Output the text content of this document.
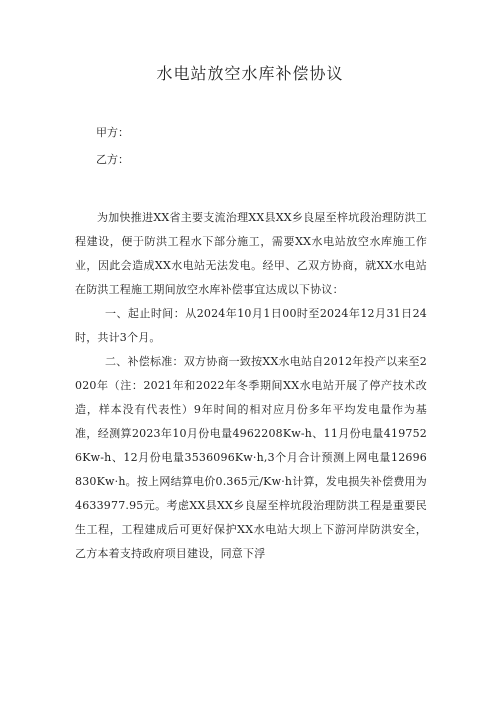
水电站放空水库补偿协议

甲方：

乙方：

为加快推进XX省主要支流治理XX县XX乡良屋至梓坑段治理防洪工程建设，便于防洪工程水下部分施工，需要XX水电站放空水库施工作业，因此会造成XX水电站无法发电。经甲、乙双方协商，就XX水电站在防洪工程施工期间放空水库补偿事宜达成以下协议：

一、起止时间：从2024年10月1日00时至2024年12月31日24时，共计3个月。

二、补偿标准：双方协商一致按XX水电站自2012年投产以来至2020年（注：2021年和2022年冬季期间XX水电站开展了停产技术改造，样本没有代表性）9年时间的相对应月份多年平均发电量作为基准，经测算2023年10月份电量4962208Kw-h、11月份电量4197526Kw-h、12月份电量3536096Kw·h,3个月合计预测上网电量12696830Kw·h。按上网结算电价0.365元/Kw·h计算，发电损失补偿费用为4633977.95元。考虑XX县XX乡良屋至梓坑段治理防洪工程是重要民生工程，工程建成后可更好保护XX水电站大坝上下游河岸防洪安全，乙方本着支持政府项目建设，同意下浮
